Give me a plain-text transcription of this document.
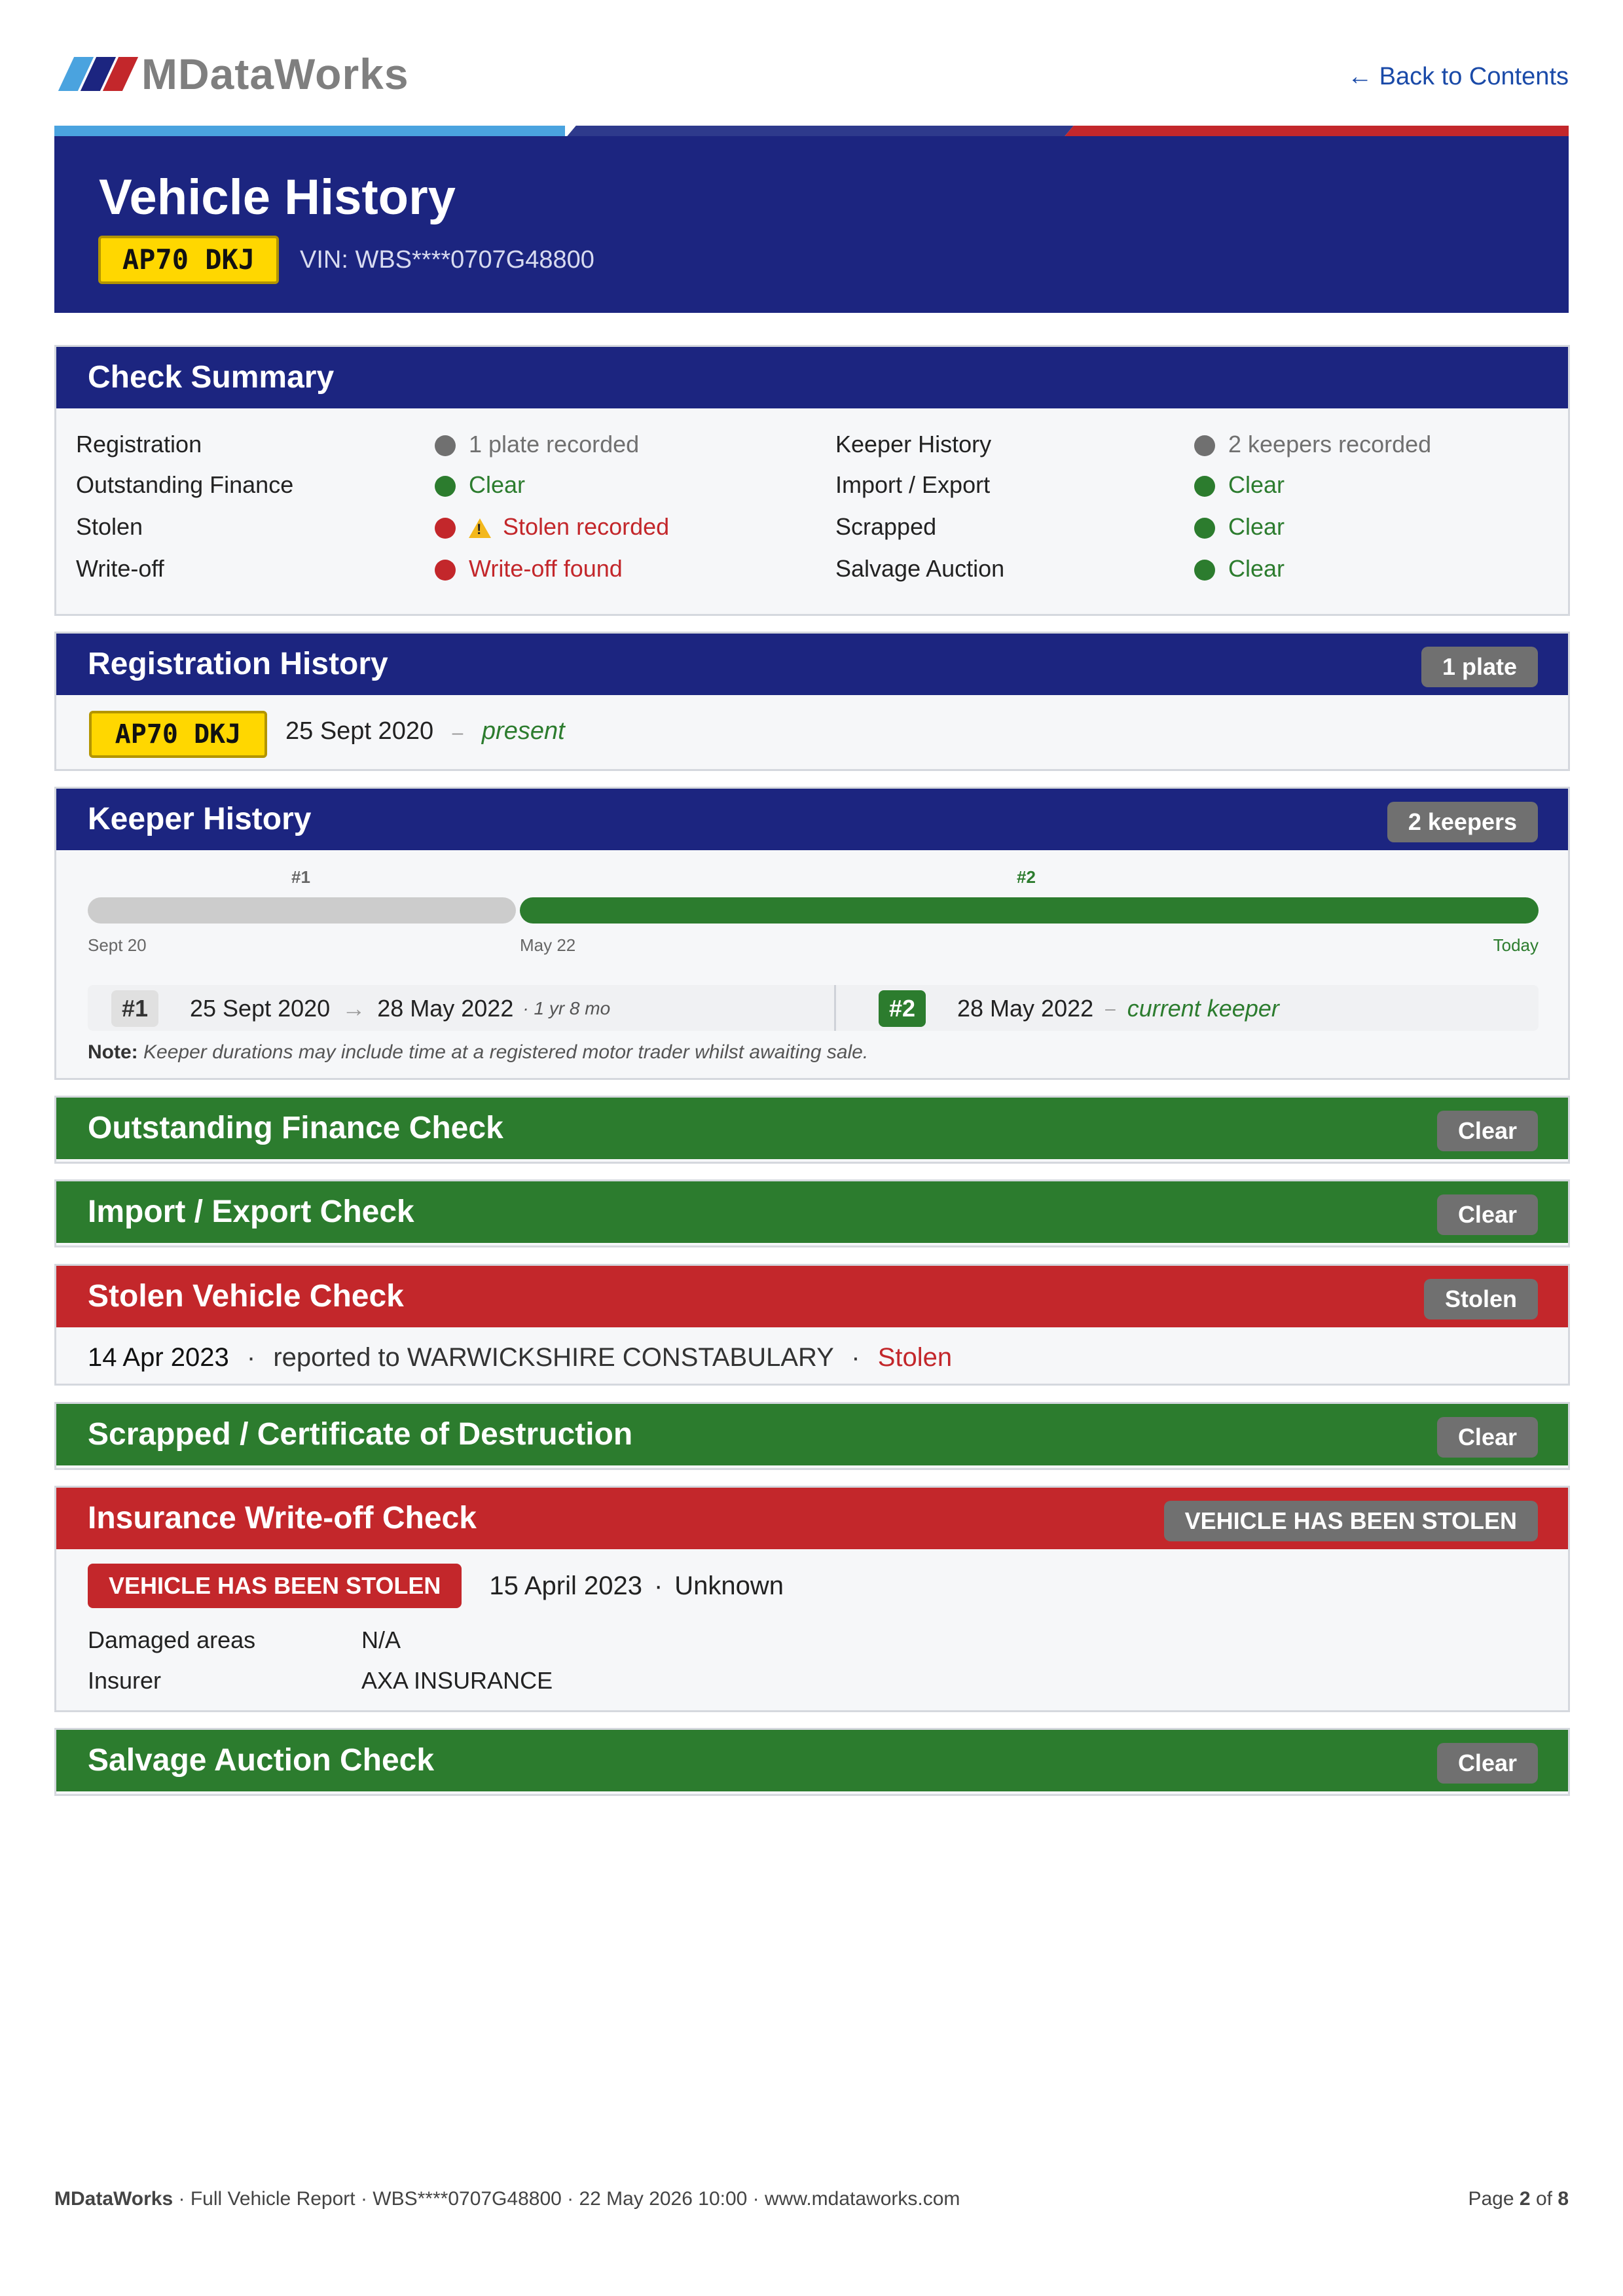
MDataWorks	← Back to Contents
Vehicle History
AP70 DKJ	VIN: WBS****0707G48800
Check Summary
Registration	1 plate recorded
Outstanding Finance	Clear
Stolen
!	Stolen recorded
Write-off	Write-off found
Keeper History	2 keepers recorded
Import / Export	Clear
Scrapped	Clear
Salvage Auction	Clear
Registration History	1 plate
AP70 DKJ	25 Sept 2020 – present
Keeper History	2 keepers
#1	#2
Sept 20	May 22	Today
#1	25 Sept 2020 → 28 May 2022 · 1 yr 8 mo	#2	28 May 2022 – current keeper
Note: Keeper durations may include time at a registered motor trader whilst awaiting sale.
Outstanding Finance Check	Clear
Import / Export Check	Clear
Stolen Vehicle Check	Stolen
14 Apr 2023 · reported to WARWICKSHIRE CONSTABULARY · Stolen
Scrapped / Certificate of Destruction	Clear
Insurance Write-off Check	VEHICLE HAS BEEN STOLEN
VEHICLE HAS BEEN STOLEN	15 April 2023 · Unknown
Damaged areas	N/A
Insurer	AXA INSURANCE
Salvage Auction Check	Clear
MDataWorks · Full Vehicle Report · WBS****0707G48800 · 22 May 2026 10:00 · www.mdataworks.com	Page 2 of 8
